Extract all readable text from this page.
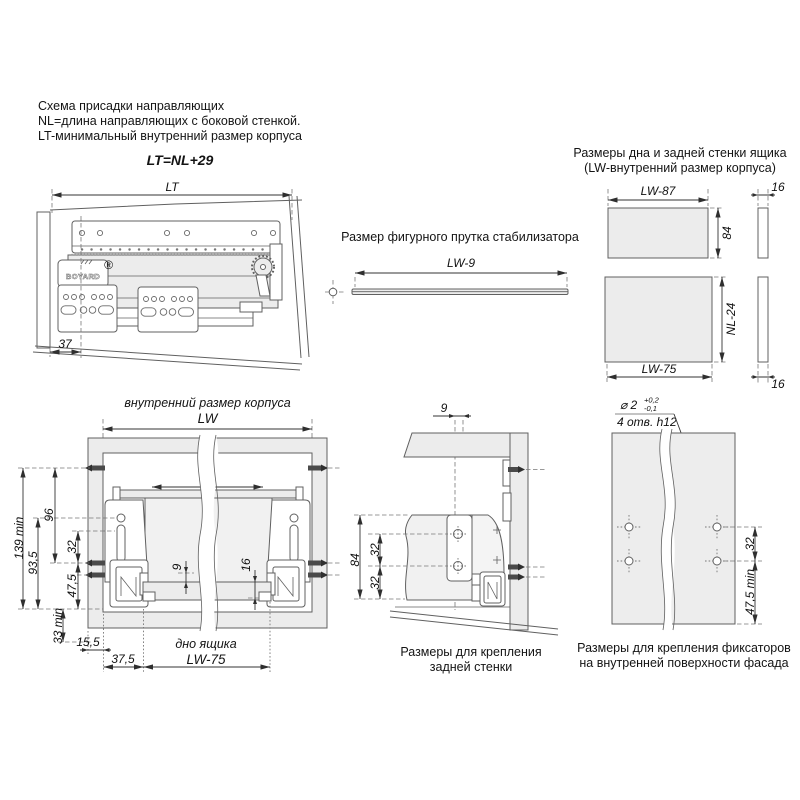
Схема присадки направляющих
NL=длина направляющих с боковой стенкой.
LT-минимальный внутренний размер корпуса
LT=NL+29
LT
BOYARD
®
37
Размер фигурного прутка стабилизатора
LW-9
Размеры дна и задней стенки ящика
(LW-внутренний размер корпуса)
LW-87
84
16
NL-24
LW-75
16
внутренний размер корпуса
LW
дно ящика
LW-75
139 min
93,5
96
32
47,5
33 min 15,5
37,5
9	16
9
84
32
32
Размеры для крепления
задней стенки
⌀ 2 +0,2
-0,1
4 отв. h12
32
47,5 min
Размеры для крепления фиксаторов
на внутренней поверхности фасада
